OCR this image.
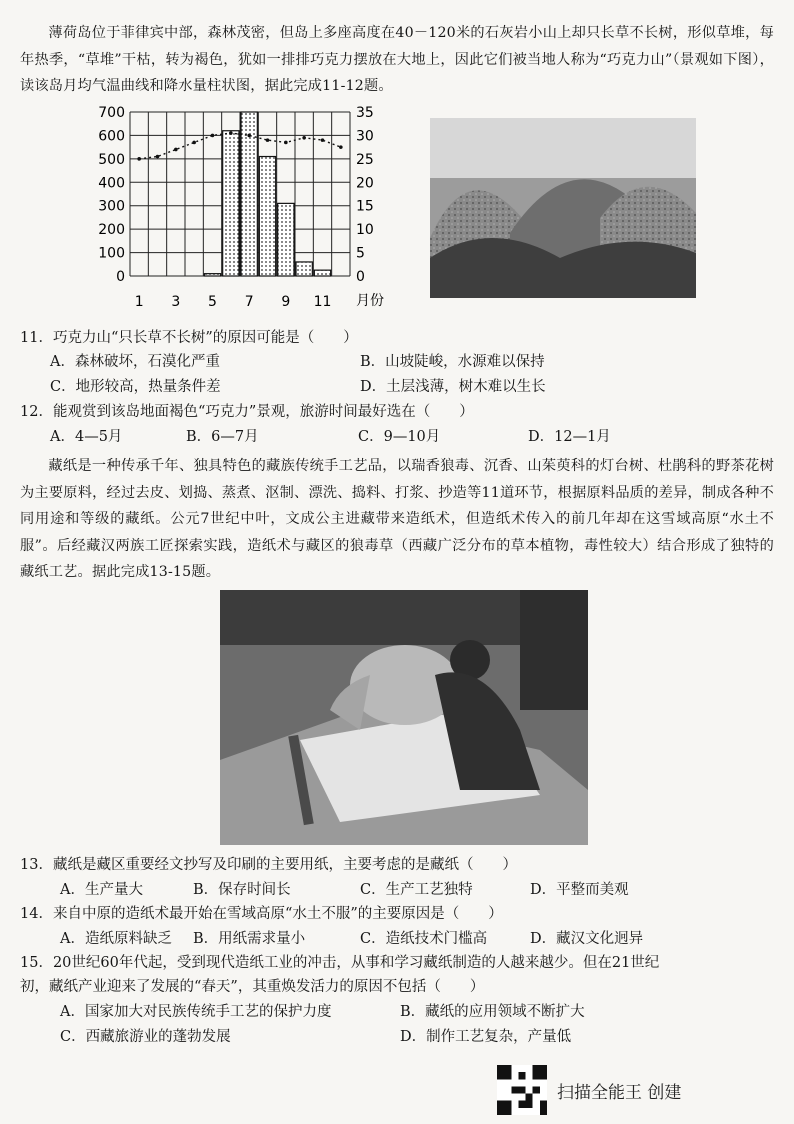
薄荷岛位于菲律宾中部，森林茂密，但岛上多座高度在40－120米的石灰岩小山上却只长草不长树，形似草堆，每年热季，“草堆”干枯，转为褐色，犹如一排排巧克力摆放在大地上，因此它们被当地人称为“巧克力山”（景观如下图），读该岛月均气温曲线和降水量柱状图，据此完成11-12题。
0
100
200
300
400
500
600
700
0
5
10
15
20
25
30
35
1 3 5 7 9 11 月份
11．巧克力山“只长草不长树”的原因可能是（　　）
A．森林破坏，石漠化严重	B．山坡陡峻，水源难以保持
C．地形较高，热量条件差	D．土层浅薄，树木难以生长
12．能观赏到该岛地面褐色“巧克力”景观，旅游时间最好选在（　　）
A．4—5月	B．6—7月	C．9—10月	D．12—1月
藏纸是一种传承千年、独具特色的藏族传统手工艺品，以瑞香狼毒、沉香、山茱萸科的灯台树、杜鹃科的野茶花树为主要原料，经过去皮、划捣、蒸煮、沤制、漂洗、捣料、打浆、抄造等11道环节，根据原料品质的差异，制成各种不同用途和等级的藏纸。公元7世纪中叶，文成公主进藏带来造纸术，但造纸术传入的前几年却在这雪域高原“水土不服”。后经藏汉两族工匠探索实践，造纸术与藏区的狼毒草（西藏广泛分布的草本植物，毒性较大）结合形成了独特的藏纸工艺。据此完成13-15题。
13．藏纸是藏区重要经文抄写及印刷的主要用纸，主要考虑的是藏纸（　　）
A．生产量大	B．保存时间长	C．生产工艺独特	D．平整而美观
14．来自中原的造纸术最开始在雪域高原“水土不服”的主要原因是（　　）
A．造纸原料缺乏 B．用纸需求量小	C．造纸技术门槛高	D．藏汉文化迥异
15．20世纪60年代起，受到现代造纸工业的冲击，从事和学习藏纸制造的人越来越少。但在21世纪
初，藏纸产业迎来了发展的“春天”，其重焕发活力的原因不包括（　　）
A．国家加大对民族传统手工艺的保护力度	B．藏纸的应用领域不断扩大
C．西藏旅游业的蓬勃发展	D．制作工艺复杂，产量低
扫描全能王 创建
